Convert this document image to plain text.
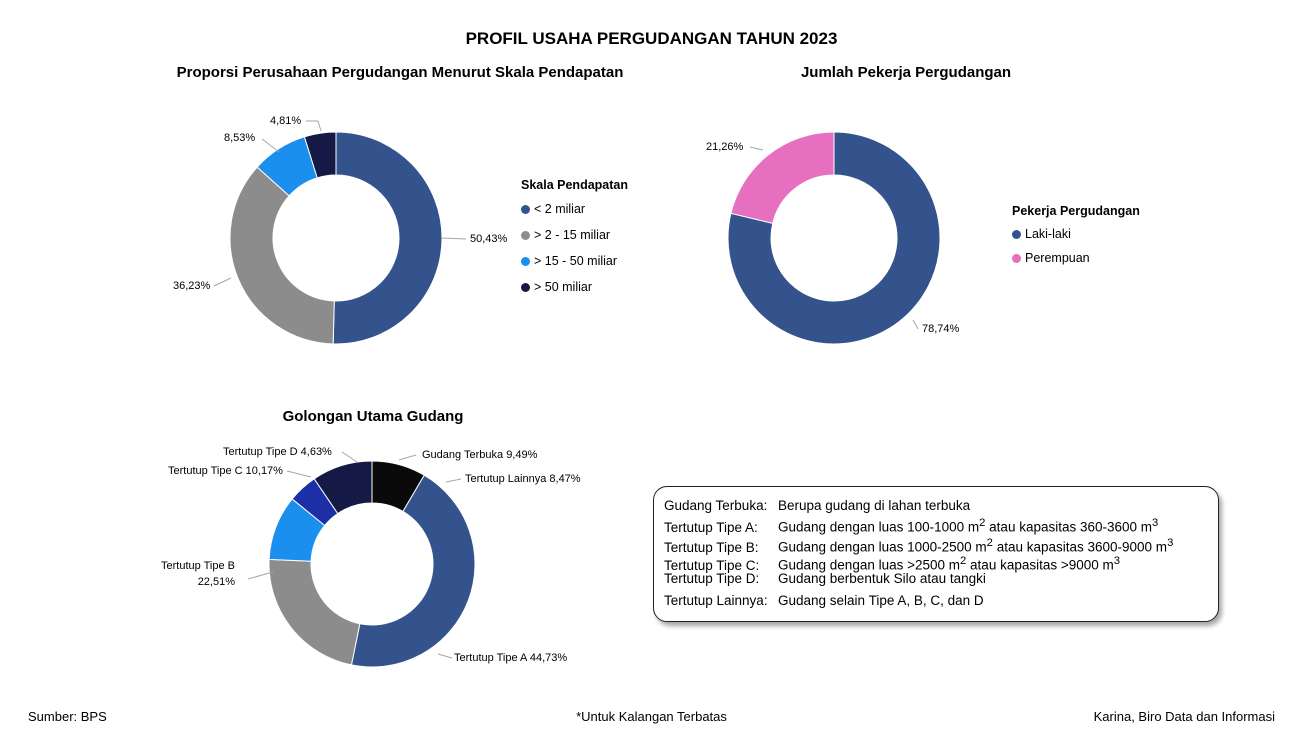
PROFIL USAHA PERGUDANGAN TAHUN 2023
Proporsi Perusahaan Pergudangan Menurut Skala Pendapatan
50,43%
36,23%
8,53%
4,81%
Skala Pendapatan
< 2 miliar
> 2 - 15 miliar
> 15 - 50 miliar
> 50 miliar
Jumlah Pekerja Pergudangan
78,74%
21,26%
Pekerja Pergudangan
Laki-laki
Perempuan
Golongan Utama Gudang
Tertutup Tipe A 44,73%
Tertutup Tipe B
22,51%
Tertutup Tipe C 10,17%
Tertutup Tipe D 4,63%	Gudang Terbuka 9,49%
Tertutup Lainnya 8,47%
Gudang Terbuka: Berupa gudang di lahan terbuka
Tertutup Tipe A: Gudang dengan luas 100-1000 $m^2$ atau kapasitas 360-3600 $m^3$
Tertutup Tipe B: Gudang dengan luas 1000-2500 $m^2$ atau kapasitas 3600-9000 $m^3$
Tertutup Tipe C: Gudang dengan luas >2500 $m^2$ atau kapasitas >9000 $m^3$
Tertutup Tipe D: Gudang berbentuk Silo atau tangki
Tertutup Lainnya: Gudang selain Tipe A, B, C, dan D
Sumber: BPS	*Untuk Kalangan Terbatas	Karina, Biro Data dan Informasi
